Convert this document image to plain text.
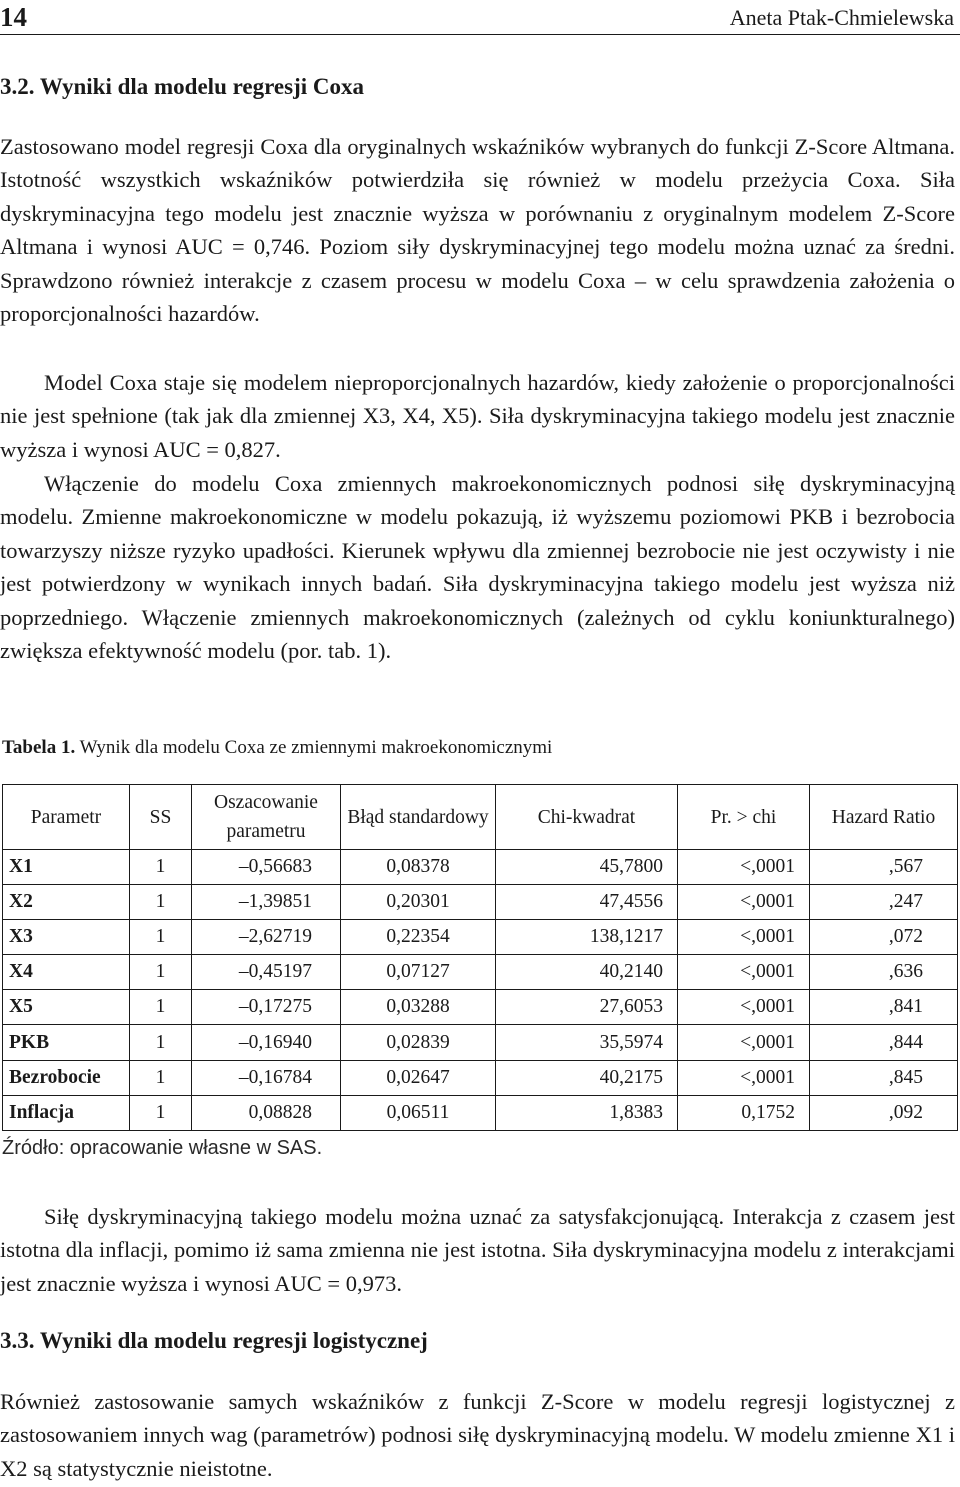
14	Aneta Ptak-Chmielewska
3.2. Wyniki dla modelu regresji Coxa

Zastosowano model regresji Coxa dla oryginalnych wskaźników wybranych do funkcji Z-Score Altmana. Istotność wszystkich wskaźników potwierdziła się również w modelu przeżycia Coxa. Siła dyskryminacyjna tego modelu jest znacznie wyższa w porównaniu z oryginalnym modelem Z-Score Altmana i wynosi AUC = 0,746. Poziom siły dyskryminacyjnej tego modelu można uznać za średni. Sprawdzono również interakcje z czasem procesu w modelu Coxa – w celu sprawdzenia założenia o proporcjonalności hazardów.

Model Coxa staje się modelem nieproporcjonalnych hazardów, kiedy założenie o proporcjonalności nie jest spełnione (tak jak dla zmiennej X3, X4, X5). Siła dyskryminacyjna takiego modelu jest znacznie wyższa i wynosi AUC = 0,827.

Włączenie do modelu Coxa zmiennych makroekonomicznych podnosi siłę dyskryminacyjną modelu. Zmienne makroekonomiczne w modelu pokazują, iż wyższemu poziomowi PKB i bezrobocia towarzyszy niższe ryzyko upadłości. Kierunek wpływu dla zmiennej bezrobocie nie jest oczywisty i nie jest potwierdzony w wynikach innych badań. Siła dyskryminacyjna takiego modelu jest wyższa niż poprzedniego. Włączenie zmiennych makroekonomicznych (zależnych od cyklu koniunkturalnego) zwiększa efektywność modelu (por. tab. 1).

Tabela 1. Wynik dla modelu Coxa ze zmiennymi makroekonomicznymi

Parametr	SS	Oszacowanie parametru	Błąd standardowy	Chi-kwadrat	Pr. > chi	Hazard Ratio
X1	1	–0,56683	0,08378	45,7800	<,0001	,567
X2	1	–1,39851	0,20301	47,4556	<,0001	,247
X3	1	–2,62719	0,22354	138,1217	<,0001	,072
X4	1	–0,45197	0,07127	40,2140	<,0001	,636
X5	1	–0,17275	0,03288	27,6053	<,0001	,841
PKB	1	–0,16940	0,02839	35,5974	<,0001	,844
Bezrobocie	1	–0,16784	0,02647	40,2175	<,0001	,845
Inflacja	1	0,08828	0,06511	1,8383	0,1752	,092

Źródło: opracowanie własne w SAS.

Siłę dyskryminacyjną takiego modelu można uznać za satysfakcjonującą. Interakcja z czasem jest istotna dla inflacji, pomimo iż sama zmienna nie jest istotna. Siła dyskryminacyjna modelu z interakcjami jest znacznie wyższa i wynosi AUC = 0,973.

3.3. Wyniki dla modelu regresji logistycznej

Również zastosowanie samych wskaźników z funkcji Z-Score w modelu regresji logistycznej z zastosowaniem innych wag (parametrów) podnosi siłę dyskryminacyjną modelu. W modelu zmienne X1 i X2 są statystycznie nieistotne.
